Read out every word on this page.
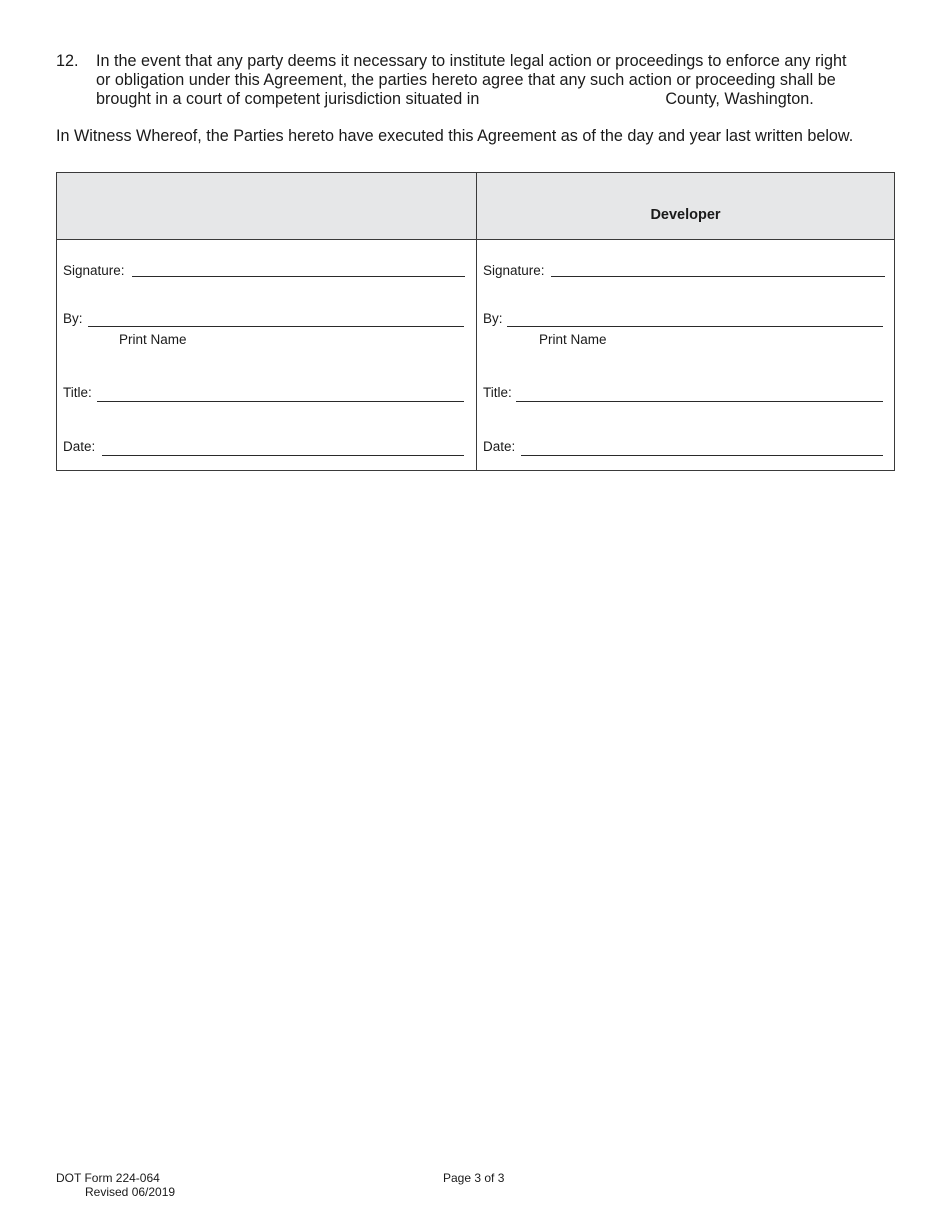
12. In the event that any party deems it necessary to institute legal action or proceedings to enforce any right
or obligation under this Agreement, the parties hereto agree that any such action or proceeding shall be
brought in a court of competent jurisdiction situated in	County, Washington.
In Witness Whereof, the Parties hereto have executed this Agreement as of the day and year last written below.
Signature:
By:
Print Name
Title:
Date:
Developer
Signature:
By:
Print Name
Title:
Date:
DOT Form 224-064
Revised 06/2019
Page 3 of 3
